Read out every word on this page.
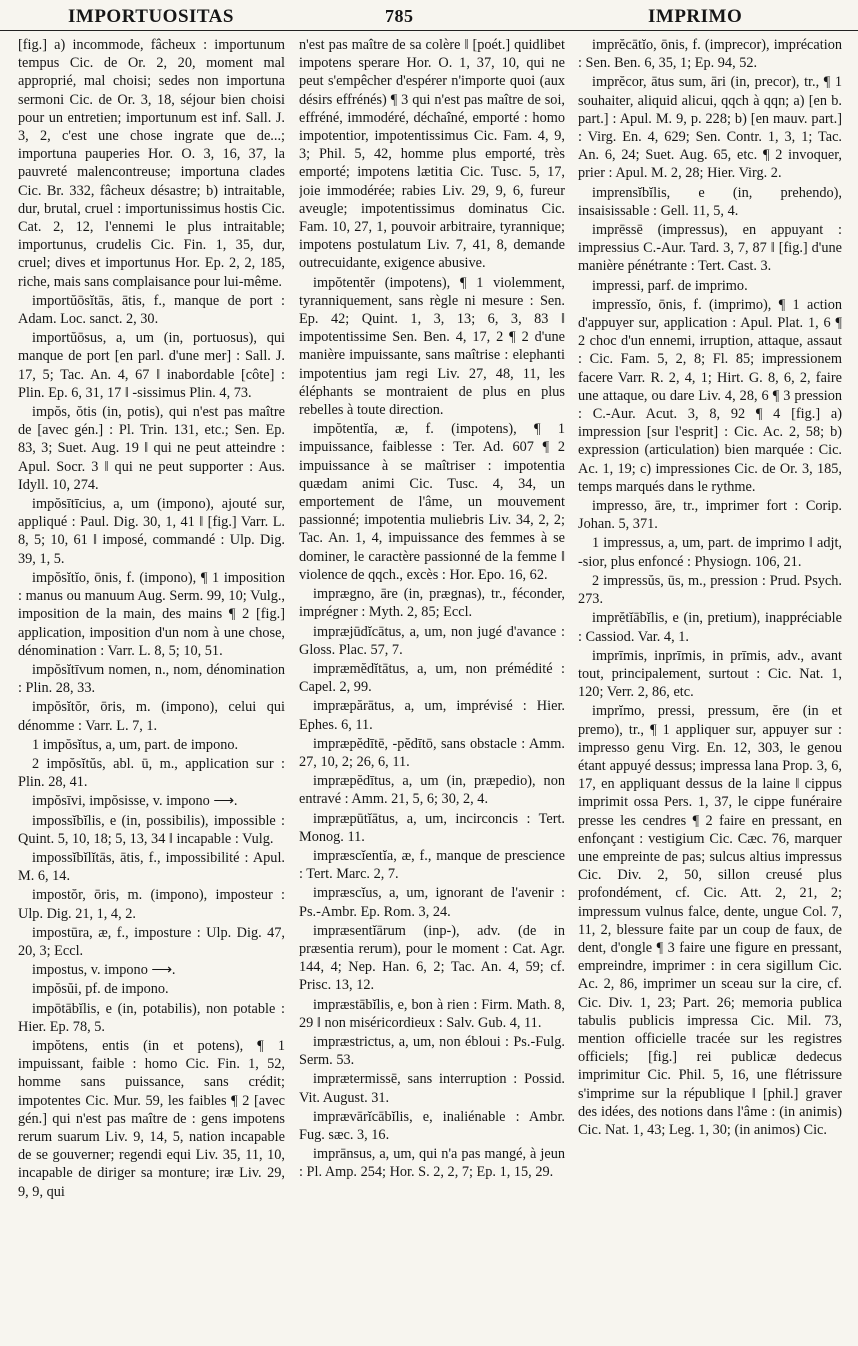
IMPORTUOSITAS	785	IMPRIMO

[fig.] a) incommode, fâcheux : importunum tempus Cic. de Or. 2, 20, moment mal approprié, mal choisi; sedes non importuna sermoni Cic. de Or. 3, 18, séjour bien choisi pour un entretien; importunum est inf. Sall. J. 3, 2, c'est une chose ingrate que de...; importuna pauperies Hor. O. 3, 16, 37, la pauvreté malencontreuse; importuna clades Cic. Br. 332, fâcheux désastre; b) intraitable, dur, brutal, cruel : importunissimus hostis Cic. Cat. 2, 12, l'ennemi le plus intraitable; importunus, crudelis Cic. Fin. 1, 35, dur, cruel; dives et importunus Hor. Ep. 2, 2, 185, riche, mais sans complaisance pour lui-même.

importŭōsĭtās, ātis, f., manque de port : Adam. Loc. sanct. 2, 30.

importŭōsus, a, um (in, portuosus), qui manque de port [en parl. d'une mer] : Sall. J. 17, 5; Tac. An. 4, 67 ‖ inabordable [côte] : Plin. Ep. 6, 31, 17 ‖ -sissimus Plin. 4, 73.

impŏs, ŏtis (in, potis), qui n'est pas maître de [avec gén.] : Pl. Trin. 131, etc.; Sen. Ep. 83, 3; Suet. Aug. 19 ‖ qui ne peut atteindre : Apul. Socr. 3 ‖ qui ne peut supporter : Aus. Idyll. 10, 274.

impŏsītīcius, a, um (impono), ajouté sur, appliqué : Paul. Dig. 30, 1, 41 ‖ [fig.] Varr. L. 8, 5; 10, 61 ‖ imposé, commandé : Ulp. Dig. 39, 1, 5.

impŏsĭtĭo, ōnis, f. (impono), ¶ 1 imposition : manus ou manuum Aug. Serm. 99, 10; Vulg., imposition de la main, des mains ¶ 2 [fig.] application, imposition d'un nom à une chose, dénomination : Varr. L. 8, 5; 10, 51.

impŏsĭtīvum nomen, n., nom, dénomination : Plin. 28, 33.

impŏsĭtŏr, ōris, m. (impono), celui qui dénomme : Varr. L. 7, 1.

1 impŏsĭtus, a, um, part. de impono.

2 impŏsĭtŭs, abl. ū, m., application sur : Plin. 28, 41.

impŏsīvi, impŏsisse, v. impono ⟶.

impossĭbĭlis, e (in, possibilis), impossible : Quint. 5, 10, 18; 5, 13, 34 ‖ incapable : Vulg.

impossĭbĭlĭtās, ātis, f., impossibilité : Apul. M. 6, 14.

impostŏr, ōris, m. (impono), imposteur : Ulp. Dig. 21, 1, 4, 2.

impostūra, æ, f., imposture : Ulp. Dig. 47, 20, 3; Eccl.

impostus, v. impono ⟶.

impŏsŭi, pf. de impono.

impōtābĭlis, e (in, potabilis), non potable : Hier. Ep. 78, 5.

impŏtens, entis (in et potens), ¶ 1 impuissant, faible : homo Cic. Fin. 1, 52, homme sans puissance, sans crédit; impotentes Cic. Mur. 59, les faibles ¶ 2 [avec gén.] qui n'est pas maître de : gens impotens rerum suarum Liv. 9, 14, 5, nation incapable de se gouverner; regendi equi Liv. 35, 11, 10, incapable de diriger sa monture; iræ Liv. 29, 9, 9, qui

n'est pas maître de sa colère ‖ [poét.] quidlibet impotens sperare Hor. O. 1, 37, 10, qui ne peut s'empêcher d'espérer n'importe quoi (aux désirs effrénés) ¶ 3 qui n'est pas maître de soi, effréné, immodéré, déchaîné, emporté : homo impotentior, impotentissimus Cic. Fam. 4, 9, 3; Phil. 5, 42, homme plus emporté, très emporté; impotens lætitia Cic. Tusc. 5, 17, joie immodérée; rabies Liv. 29, 9, 6, fureur aveugle; impotentissimus dominatus Cic. Fam. 10, 27, 1, pouvoir arbitraire, tyrannique; impotens postulatum Liv. 7, 41, 8, demande outrecuidante, exigence abusive.

impŏtentĕr (impotens), ¶ 1 violemment, tyranniquement, sans règle ni mesure : Sen. Ep. 42; Quint. 1, 3, 13; 6, 3, 83 ‖ impotentissime Sen. Ben. 4, 17, 2 ¶ 2 d'une manière impuissante, sans maîtrise : elephanti impotentius jam regi Liv. 27, 48, 11, les éléphants se montraient de plus en plus rebelles à toute direction.

impŏtentĭa, æ, f. (impotens), ¶ 1 impuissance, faiblesse : Ter. Ad. 607 ¶ 2 impuissance à se maîtriser : impotentia quædam animi Cic. Tusc. 4, 34, un emportement de l'âme, un mouvement passionné; impotentia muliebris Liv. 34, 2, 2; Tac. An. 1, 4, impuissance des femmes à se dominer, le caractère passionné de la femme ‖ violence de qqch., excès : Hor. Epo. 16, 62.

imprægno, āre (in, prægnas), tr., féconder, imprégner : Myth. 2, 85; Eccl.

impræjūdĭcātus, a, um, non jugé d'avance : Gloss. Plac. 57, 7.

impræmĕdĭtātus, a, um, non prémédité : Capel. 2, 99.

impræpărātus, a, um, imprévisé : Hier. Ephes. 6, 11.

impræpĕdītē, -pĕdītō, sans obstacle : Amm. 27, 10, 2; 26, 6, 11.

impræpĕdītus, a, um (in, præpedio), non entravé : Amm. 21, 5, 6; 30, 2, 4.

impræpūtĭātus, a, um, incirconcis : Tert. Monog. 11.

impræscĭentĭa, æ, f., manque de prescience : Tert. Marc. 2, 7.

impræscĭus, a, um, ignorant de l'avenir : Ps.-Ambr. Ep. Rom. 3, 24.

impræsentĭārum (inp-), adv. (de in præsentia rerum), pour le moment : Cat. Agr. 144, 4; Nep. Han. 6, 2; Tac. An. 4, 59; cf. Prisc. 13, 12.

impræstābĭlis, e, bon à rien : Firm. Math. 8, 29 ‖ non miséricordieux : Salv. Gub. 4, 11.

impræstrictus, a, um, non ébloui : Ps.-Fulg. Serm. 53.

imprætermissē, sans interruption : Possid. Vit. August. 31.

imprævārĭcābĭlis, e, inaliénable : Ambr. Fug. sæc. 3, 16.

imprānsus, a, um, qui n'a pas mangé, à jeun : Pl. Amp. 254; Hor. S. 2, 2, 7; Ep. 1, 15, 29.

imprĕcātĭo, ōnis, f. (imprecor), imprécation : Sen. Ben. 6, 35, 1; Ep. 94, 52.

imprĕcor, ātus sum, āri (in, precor), tr., ¶ 1 souhaiter, aliquid alicui, qqch à qqn; a) [en b. part.] : Apul. M. 9, p. 228; b) [en mauv. part.] : Virg. En. 4, 629; Sen. Contr. 1, 3, 1; Tac. An. 6, 24; Suet. Aug. 65, etc. ¶ 2 invoquer, prier : Apul. M. 2, 28; Hier. Virg. 2.

imprensĭbĭlis, e (in, prehendo), insaisissable : Gell. 11, 5, 4.

imprēssē (impressus), en appuyant : impressius C.-Aur. Tard. 3, 7, 87 ‖ [fig.] d'une manière pénétrante : Tert. Cast. 3.

impressi, parf. de imprimo.

impressĭo, ōnis, f. (imprimo), ¶ 1 action d'appuyer sur, application : Apul. Plat. 1, 6 ¶ 2 choc d'un ennemi, irruption, attaque, assaut : Cic. Fam. 5, 2, 8; Fl. 85; impressionem facere Varr. R. 2, 4, 1; Hirt. G. 8, 6, 2, faire une attaque, ou dare Liv. 4, 28, 6 ¶ 3 pression : C.-Aur. Acut. 3, 8, 92 ¶ 4 [fig.] a) impression [sur l'esprit] : Cic. Ac. 2, 58; b) expression (articulation) bien marquée : Cic. Ac. 1, 19; c) impressiones Cic. de Or. 3, 185, temps marqués dans le rythme.

impresso, āre, tr., imprimer fort : Corip. Johan. 5, 371.

1 impressus, a, um, part. de imprimo ‖ adjt, -sior, plus enfoncé : Physiogn. 106, 21.

2 impressŭs, ūs, m., pression : Prud. Psych. 273.

imprĕtĭābĭlis, e (in, pretium), inappréciable : Cassiod. Var. 4, 1.

imprīmis, inprīmis, in prīmis, adv., avant tout, principalement, surtout : Cic. Nat. 1, 120; Verr. 2, 86, etc.

imprĭmo, pressi, pressum, ĕre (in et premo), tr., ¶ 1 appliquer sur, appuyer sur : impresso genu Virg. En. 12, 303, le genou étant appuyé dessus; impressa lana Prop. 3, 6, 17, en appliquant dessus de la laine ‖ cippus imprimit ossa Pers. 1, 37, le cippe funéraire presse les cendres ¶ 2 faire en pressant, en enfonçant : vestigium Cic. Cæc. 76, marquer une empreinte de pas; sulcus altius impressus Cic. Div. 2, 50, sillon creusé plus profondément, cf. Cic. Att. 2, 21, 2; impressum vulnus falce, dente, ungue Col. 7, 11, 2, blessure faite par un coup de faux, de dent, d'ongle ¶ 3 faire une figure en pressant, empreindre, imprimer : in cera sigillum Cic. Ac. 2, 86, imprimer un sceau sur la cire, cf. Cic. Div. 1, 23; Part. 26; memoria publica tabulis publicis impressa Cic. Mil. 73, mention officielle tracée sur les registres officiels; [fig.] rei publicæ dedecus imprimitur Cic. Phil. 5, 16, une flétrissure s'imprime sur la république ‖ [phil.] graver des idées, des notions dans l'âme : (in animis) Cic. Nat. 1, 43; Leg. 1, 30; (in animos) Cic.
